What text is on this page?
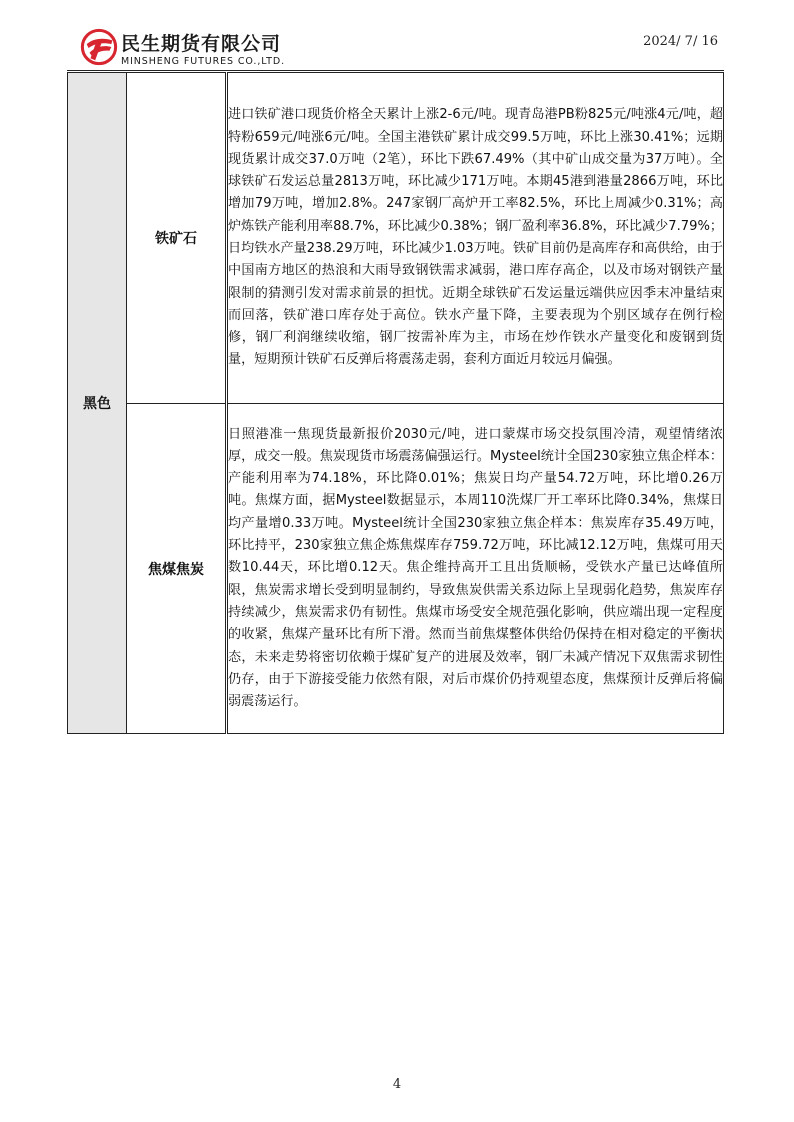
民生期货有限公司
MINSHENG FUTURES CO.,LTD.
2024/ 7/ 16
黑色	铁矿石	进口铁矿港口现货价格全天累计上涨2-6元/吨。现青岛港PB粉825元/吨涨4元/吨，超特粉659元/吨涨6元/吨。全国主港铁矿累计成交99.5万吨，环比上涨30.41%；远期现货累计成交37.0万吨（2笔），环比下跌67.49%（其中矿山成交量为37万吨）。全球铁矿石发运总量2813万吨，环比减少171万吨。本期45港到港量2866万吨，环比增加79万吨，增加2.8%。247家钢厂高炉开工率82.5%，环比上周减少0.31%；高炉炼铁产能利用率88.7%，环比减少0.38%；钢厂盈利率36.8%，环比减少7.79%；日均铁水产量238.29万吨，环比减少1.03万吨。铁矿目前仍是高库存和高供给，由于中国南方地区的热浪和大雨导致钢铁需求减弱，港口库存高企，以及市场对钢铁产量限制的猜测引发对需求前景的担忧。近期全球铁矿石发运量远端供应因季末冲量结束而回落，铁矿港口库存处于高位。铁水产量下降，主要表现为个别区域存在例行检修，钢厂利润继续收缩，钢厂按需补库为主，市场在炒作铁水产量变化和废钢到货量，短期预计铁矿石反弹后将震荡走弱，套利方面近月较远月偏强。
	焦煤焦炭	日照港准一焦现货最新报价2030元/吨，进口蒙煤市场交投氛围冷清，观望情绪浓厚，成交一般。焦炭现货市场震荡偏强运行。Mysteel统计全国230家独立焦企样本：产能利用率为74.18%，环比降0.01%；焦炭日均产量54.72万吨，环比增0.26万吨。焦煤方面，据Mysteel数据显示，本周110洗煤厂开工率环比降0.34%，焦煤日均产量增0.33万吨。Mysteel统计全国230家独立焦企样本：焦炭库存35.49万吨，环比持平，230家独立焦企炼焦煤库存759.72万吨，环比减12.12万吨，焦煤可用天数10.44天，环比增0.12天。焦企维持高开工且出货顺畅，受铁水产量已达峰值所限，焦炭需求增长受到明显制约，导致焦炭供需关系边际上呈现弱化趋势，焦炭库存持续减少，焦炭需求仍有韧性。焦煤市场受安全规范强化影响，供应端出现一定程度的收紧，焦煤产量环比有所下滑。然而当前焦煤整体供给仍保持在相对稳定的平衡状态，未来走势将密切依赖于煤矿复产的进展及效率，钢厂未减产情况下双焦需求韧性仍存，由于下游接受能力依然有限，对后市煤价仍持观望态度，焦煤预计反弹后将偏弱震荡运行。
4
